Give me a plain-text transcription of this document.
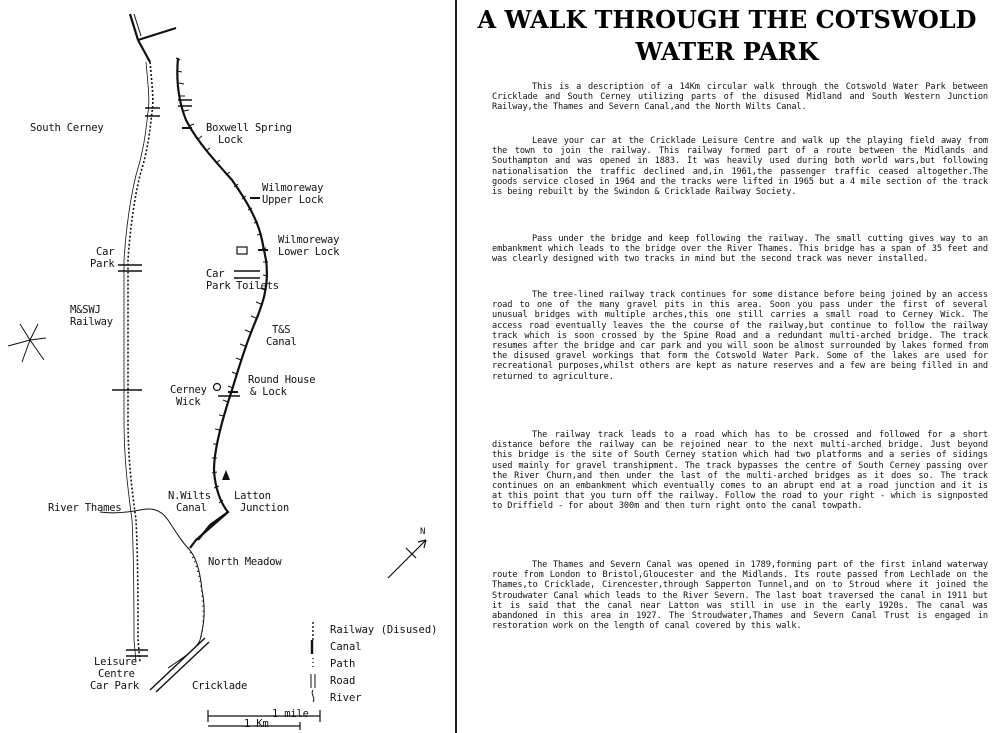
South Cerney	Boxwell Spring
Lock
Wilmoreway
Upper Lock
Wilmoreway
Lower Lock
Car
Park
Car
Park Toilets
M&SWJ
Railway
T&S
Canal
Round House
& Lock
Cerney
Wick
N.Wilts
Canal
Latton
Junction
River Thames
North Meadow
Leisure
Centre
Car Park	Cricklade
N
1 mile
1 Km
Railway (Disused)
Canal
Path
Road
River
A WALK THROUGH THE COTSWOLD
WATER PARK

This is a description of a 14Km circular walk through the Cotswold Water Park between Cricklade and South Cerney utilizing parts of the disused Midland and South Western Junction Railway,the Thames and Severn Canal,and the North Wilts Canal.

Leave your car at the Cricklade Leisure Centre and walk up the playing field away from the town to join the railway. This railway formed part of a route between the Midlands and Southampton and was opened in 1883. It was heavily used during both world wars,but following nationalisation the traffic declined and,in 1961,the passenger traffic ceased altogether.The goods service closed in 1964 and the tracks were lifted in 1965 but a 4 mile section of the track is being rebuilt by the Swindon & Cricklade Railway Society.

Pass under the bridge and keep following the railway. The small cutting gives way to an embankment which leads to the bridge over the River Thames. This bridge has a span of 35 feet and was clearly designed with two tracks in mind but the second track was never installed.

The tree-lined railway track continues for some distance before being joined by an access road to one of the many gravel pits in this area. Soon you pass under the first of several unusual bridges with multiple arches,this one still carries a small road to Cerney Wick. The access road eventually leaves the the course of the railway,but continue to follow the railway track which is soon crossed by the Spine Road and a redundant multi-arched bridge. The track resumes after the bridge and car park and you will soon be almost surrounded by lakes formed from the disused gravel workings that form the Cotswold Water Park. Some of the lakes are used for recreational purposes,whilst others are kept as nature reserves and a few are being filled in and returned to agriculture.

The railway track leads to a road which has to be crossed and followed for a short distance before the railway can be rejoined near to the next multi-arched bridge. Just beyond this bridge is the site of South Cerney station which had two platforms and a series of sidings used mainly for gravel transhipment. The track bypasses the centre of South Cerney passing over the River Churn,and then under the last of the multi-arched bridges as it does so. The track continues on an embankment which eventually comes to an abrupt end at a road junction and it is at this point that you turn off the railway. Follow the road to your right - which is signposted to Driffield - for about 300m and then turn right onto the canal towpath.

The Thames and Severn Canal was opened in 1789,forming part of the first inland waterway route from London to Bristol,Gloucester and the Midlands. Its route passed from Lechlade on the Thames,to Cricklade, Cirencester,through Sapperton Tunnel,and on to Stroud where it joined the Stroudwater Canal which leads to the River Severn. The last boat traversed the canal in 1911 but it is said that the canal near Latton was still in use in the early 1920s. The canal was abandoned in this area in 1927. The Stroudwater,Thames and Severn Canal Trust is engaged in restoration work on the length of canal covered by this walk.
